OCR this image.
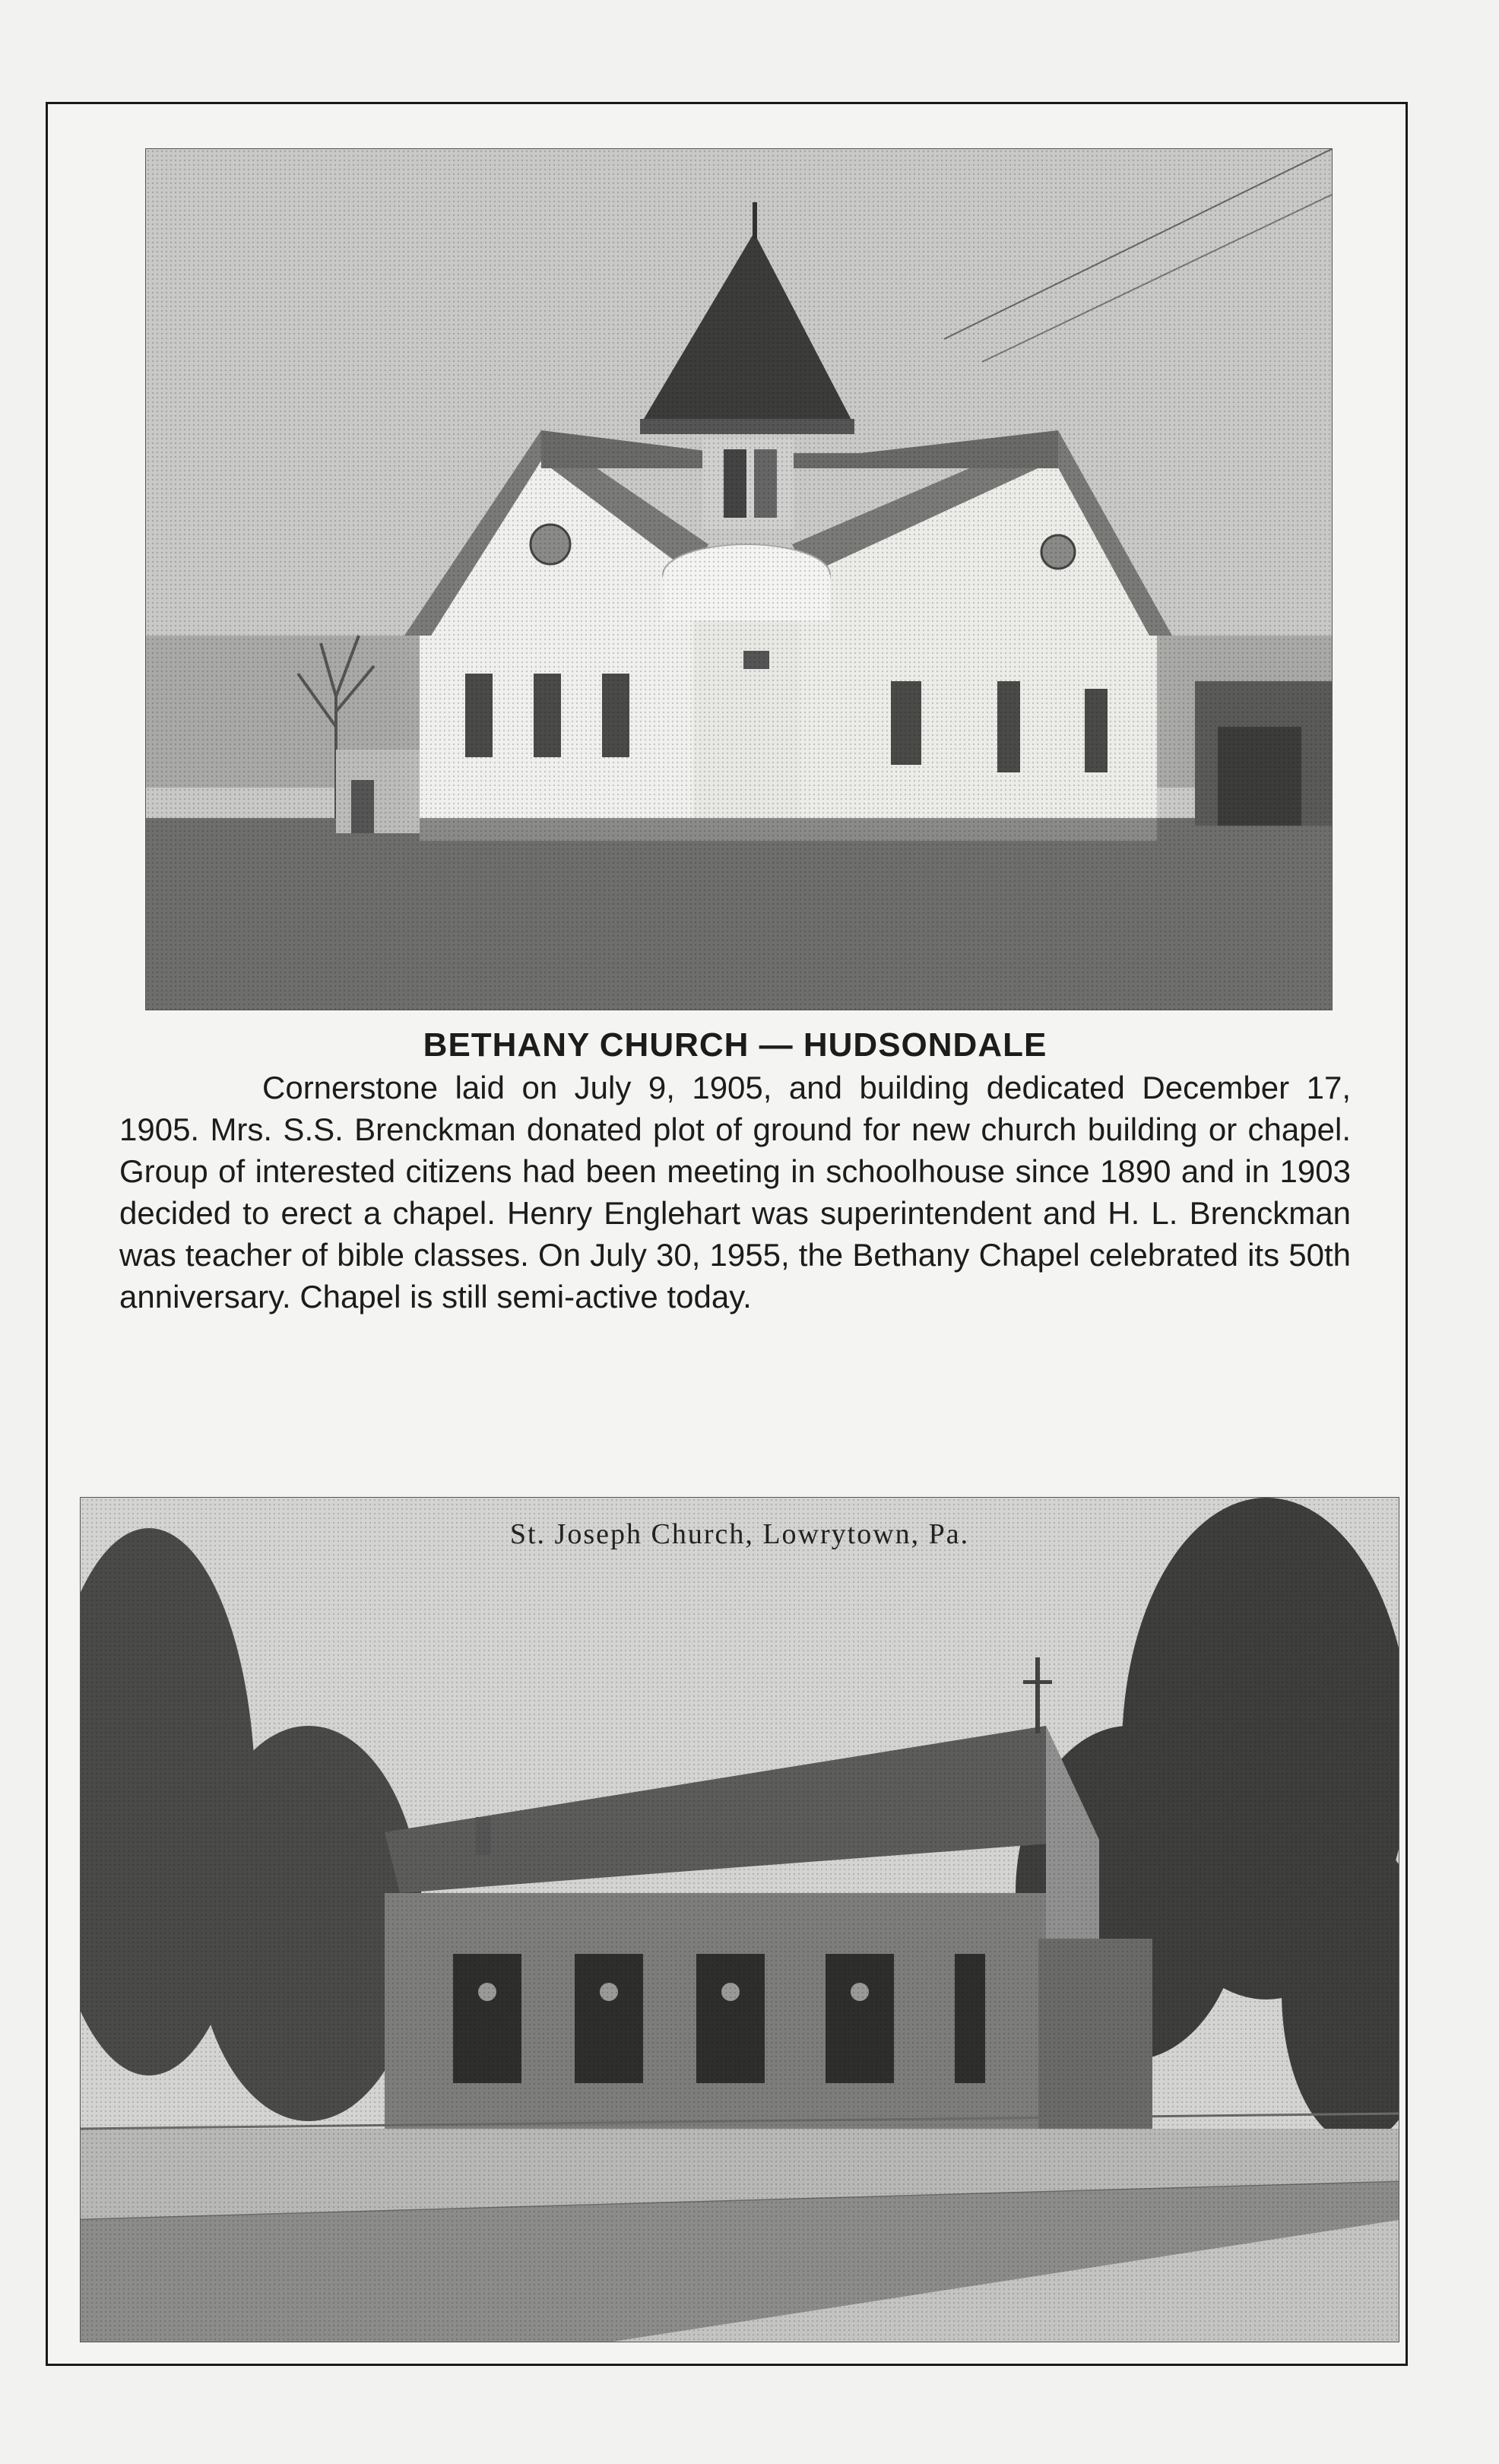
BETHANY CHURCH — HUDSONDALE

Cornerstone laid on July 9, 1905, and building dedicated December 17, 1905. Mrs. S.S. Brenckman donated plot of ground for new church building or chapel. Group of interested citizens had been meeting in schoolhouse since 1890 and in 1903 decided to erect a chapel. Henry Englehart was superintendent and H. L. Brenckman was teacher of bible classes. On July 30, 1955, the Bethany Chapel celebrated its 50th anniversary. Chapel is still semi-active today.

St. Joseph Church, Lowrytown, Pa.
